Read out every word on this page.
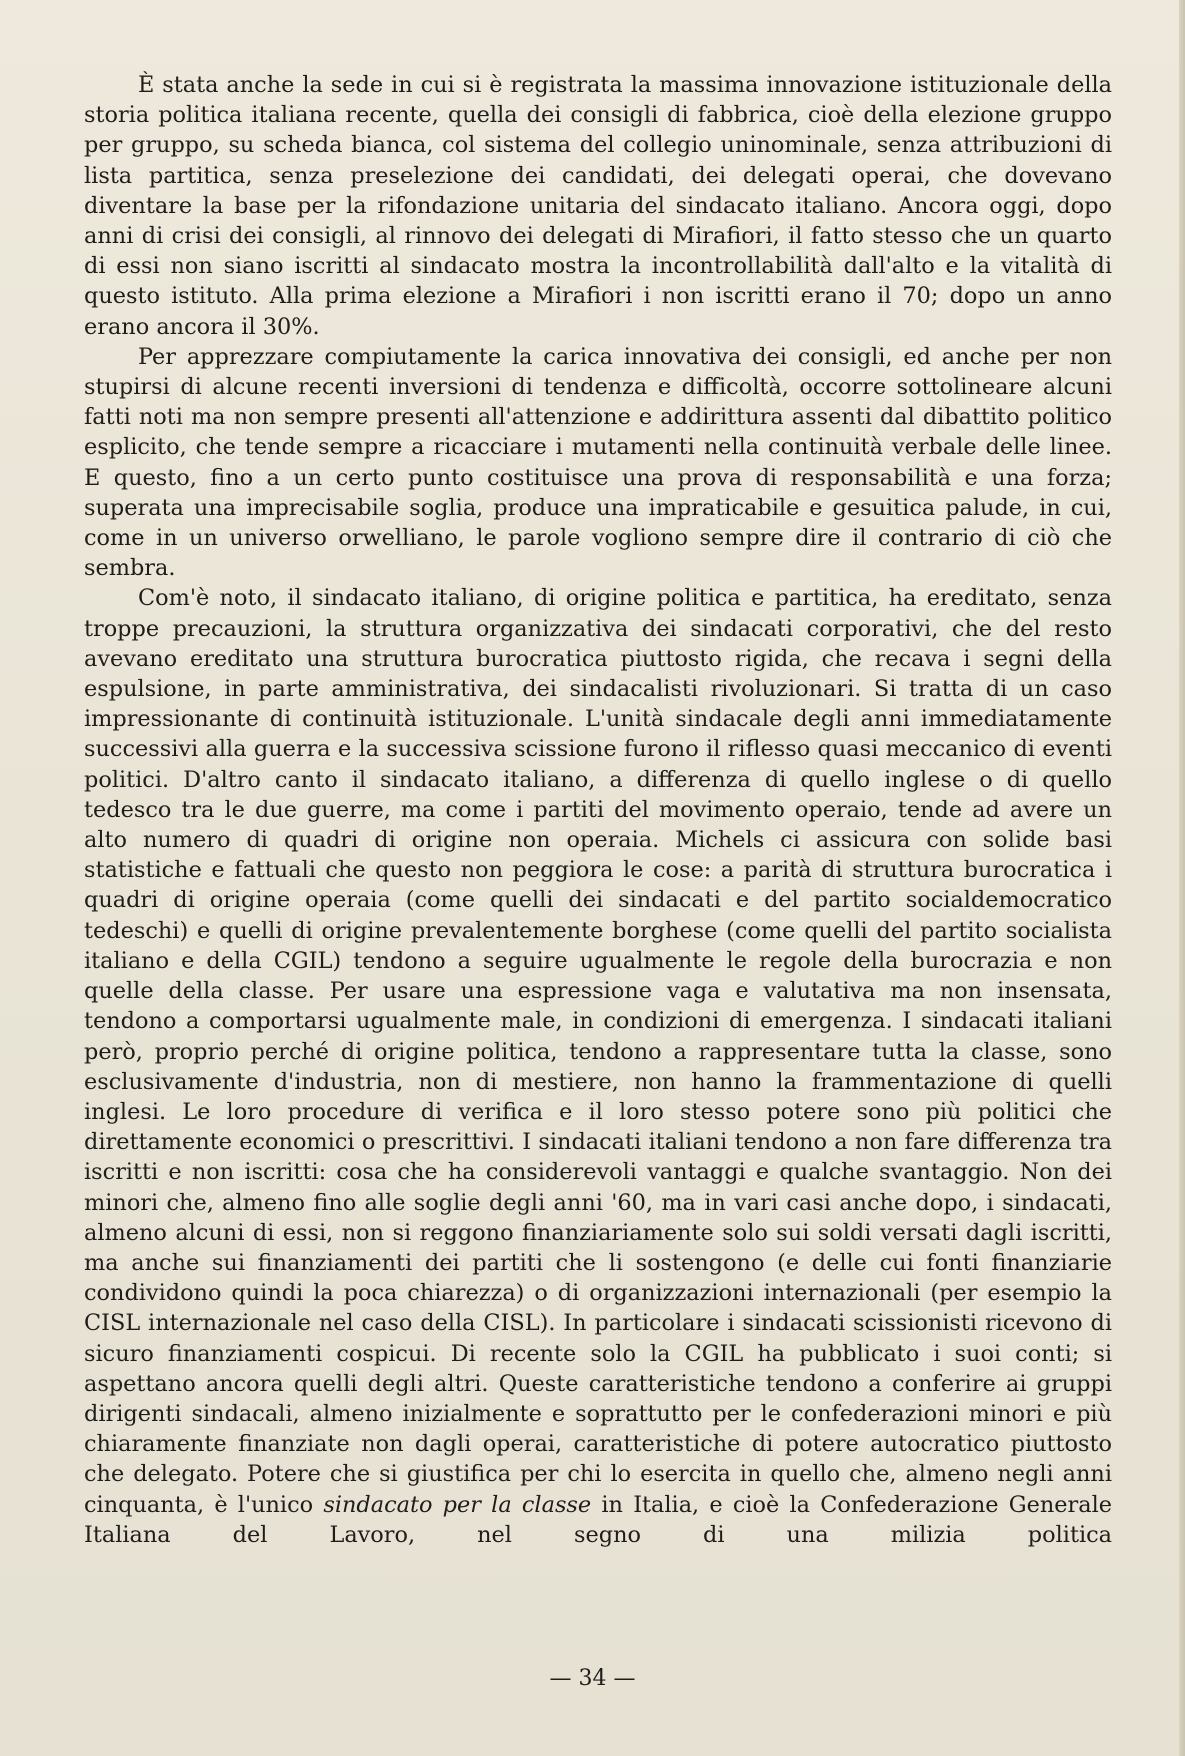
È stata anche la sede in cui si è registrata la massima innovazione istituzionale della storia politica italiana recente, quella dei consigli di fabbrica, cioè della elezione gruppo per gruppo, su scheda bianca, col sistema del collegio uninominale, senza attribuzioni di lista partitica, senza preselezione dei candidati, dei delegati operai, che dovevano diventare la base per la rifondazione unitaria del sindacato italiano. Ancora oggi, dopo anni di crisi dei consigli, al rinnovo dei delegati di Mirafiori, il fatto stesso che un quarto di essi non siano iscritti al sindacato mostra la incontrollabilità dall'alto e la vitalità di questo istituto. Alla prima elezione a Mirafiori i non iscritti erano il 70; dopo un anno erano ancora il 30%.

Per apprezzare compiutamente la carica innovativa dei consigli, ed anche per non stupirsi di alcune recenti inversioni di tendenza e difficoltà, occorre sottolineare alcuni fatti noti ma non sempre presenti all'attenzione e addirittura assenti dal dibattito politico esplicito, che tende sempre a ricacciare i mutamenti nella continuità verbale delle linee. E questo, fino a un certo punto costituisce una prova di responsabilità e una forza; superata una imprecisabile soglia, produce una impraticabile e gesuitica palude, in cui, come in un universo orwelliano, le parole vogliono sempre dire il contrario di ciò che sembra.

Com'è noto, il sindacato italiano, di origine politica e partitica, ha ereditato, senza troppe precauzioni, la struttura organizzativa dei sindacati corporativi, che del resto avevano ereditato una struttura burocratica piuttosto rigida, che recava i segni della espulsione, in parte amministrativa, dei sindacalisti rivoluzionari. Si tratta di un caso impressionante di continuità istituzionale. L'unità sindacale degli anni immediatamente successivi alla guerra e la successiva scissione furono il riflesso quasi meccanico di eventi politici. D'altro canto il sindacato italiano, a differenza di quello inglese o di quello tedesco tra le due guerre, ma come i partiti del movimento operaio, tende ad avere un alto numero di quadri di origine non operaia. Michels ci assicura con solide basi statistiche e fattuali che questo non peggiora le cose: a parità di struttura burocratica i quadri di origine operaia (come quelli dei sindacati e del partito socialdemocratico tedeschi) e quelli di origine prevalentemente borghese (come quelli del partito socialista italiano e della CGIL) tendono a seguire ugualmente le regole della burocrazia e non quelle della classe. Per usare una espressione vaga e valutativa ma non insensata, tendono a comportarsi ugualmente male, in condizioni di emergenza. I sindacati italiani però, proprio perché di origine politica, tendono a rappresentare tutta la classe, sono esclusivamente d'industria, non di mestiere, non hanno la frammentazione di quelli inglesi. Le loro procedure di verifica e il loro stesso potere sono più politici che direttamente economici o prescrittivi. I sindacati italiani tendono a non fare differenza tra iscritti e non iscritti: cosa che ha considerevoli vantaggi e qualche svantaggio. Non dei minori che, almeno fino alle soglie degli anni '60, ma in vari casi anche dopo, i sindacati, almeno alcuni di essi, non si reggono finanziariamente solo sui soldi versati dagli iscritti, ma anche sui finanziamenti dei partiti che li sostengono (e delle cui fonti finanziarie condividono quindi la poca chiarezza) o di organizzazioni internazionali (per esempio la CISL internazionale nel caso della CISL). In particolare i sindacati scissionisti ricevono di sicuro finanziamenti cospicui. Di recente solo la CGIL ha pubblicato i suoi conti; si aspettano ancora quelli degli altri. Queste caratteristiche tendono a conferire ai gruppi dirigenti sindacali, almeno inizialmente e soprattutto per le confederazioni minori e più chiaramente finanziate non dagli operai, caratteristiche di potere autocratico piuttosto che delegato. Potere che si giustifica per chi lo esercita in quello che, almeno negli anni cinquanta, è l'unico sindacato per la classe in Italia, e cioè la Confederazione Generale Italiana del Lavoro, nel segno di una milizia politica

— 34 —
